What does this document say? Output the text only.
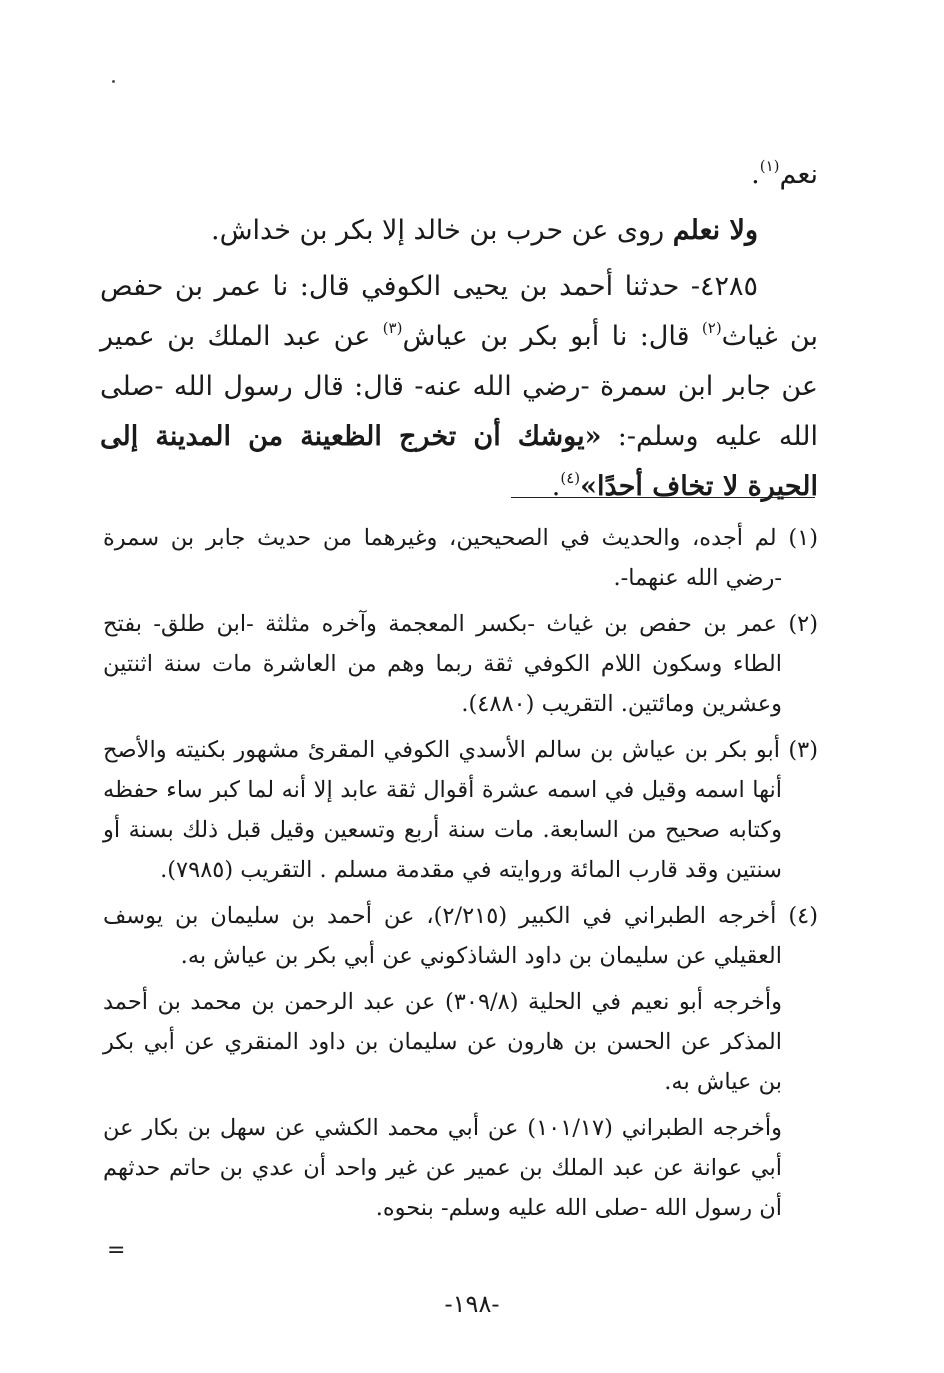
نعم$^{(١)}$.

ولا نعلم روى عن حرب بن خالد إلا بكر بن خداش.

٤٢٨٥- حدثنا أحمد بن يحيى الكوفي قال: نا عمر بن حفص بن غياث$^{(٢)}$ قال: نا أبو بكر بن عياش$^{(٣)}$ عن عبد الملك بن عمير عن جابر ابن سمرة -رضي الله عنه- قال: قال رسول الله -صلى الله عليه وسلم-: «يوشك أن تخرج الظعينة من المدينة إلى الحيرة لا تخاف أحدًا»$^{(٤)}$.

(١) لم أجده، والحديث في الصحيحين، وغيرهما من حديث جابر بن سمرة -رضي الله عنهما-.

(٢) عمر بن حفص بن غياث -بكسر المعجمة وآخره مثلثة -ابن طلق- بفتح الطاء وسكون اللام الكوفي ثقة ربما وهم من العاشرة مات سنة اثنتين وعشرين ومائتين. التقريب (٤٨٨٠).

(٣) أبو بكر بن عياش بن سالم الأسدي الكوفي المقرئ مشهور بكنيته والأصح أنها اسمه وقيل في اسمه عشرة أقوال ثقة عابد إلا أنه لما كبر ساء حفظه وكتابه صحيح من السابعة. مات سنة أربع وتسعين وقيل قبل ذلك بسنة أو سنتين وقد قارب المائة وروايته في مقدمة مسلم . التقريب (٧٩٨٥).

(٤) أخرجه الطبراني في الكبير (٢/٢١٥)، عن أحمد بن سليمان بن يوسف العقيلي عن سليمان بن داود الشاذكوني عن أبي بكر بن عياش به.

وأخرجه أبو نعيم في الحلية (٣٠٩/٨) عن عبد الرحمن بن محمد بن أحمد المذكر عن الحسن بن هارون عن سليمان بن داود المنقري عن أبي بكر بن عياش به.

وأخرجه الطبراني (١٠١/١٧) عن أبي محمد الكشي عن سهل بن بكار عن أبي عوانة عن عبد الملك بن عمير عن غير واحد أن عدي بن حاتم حدثهم أن رسول الله -صلى الله عليه وسلم- بنحوه.

=
-١٩٨-
